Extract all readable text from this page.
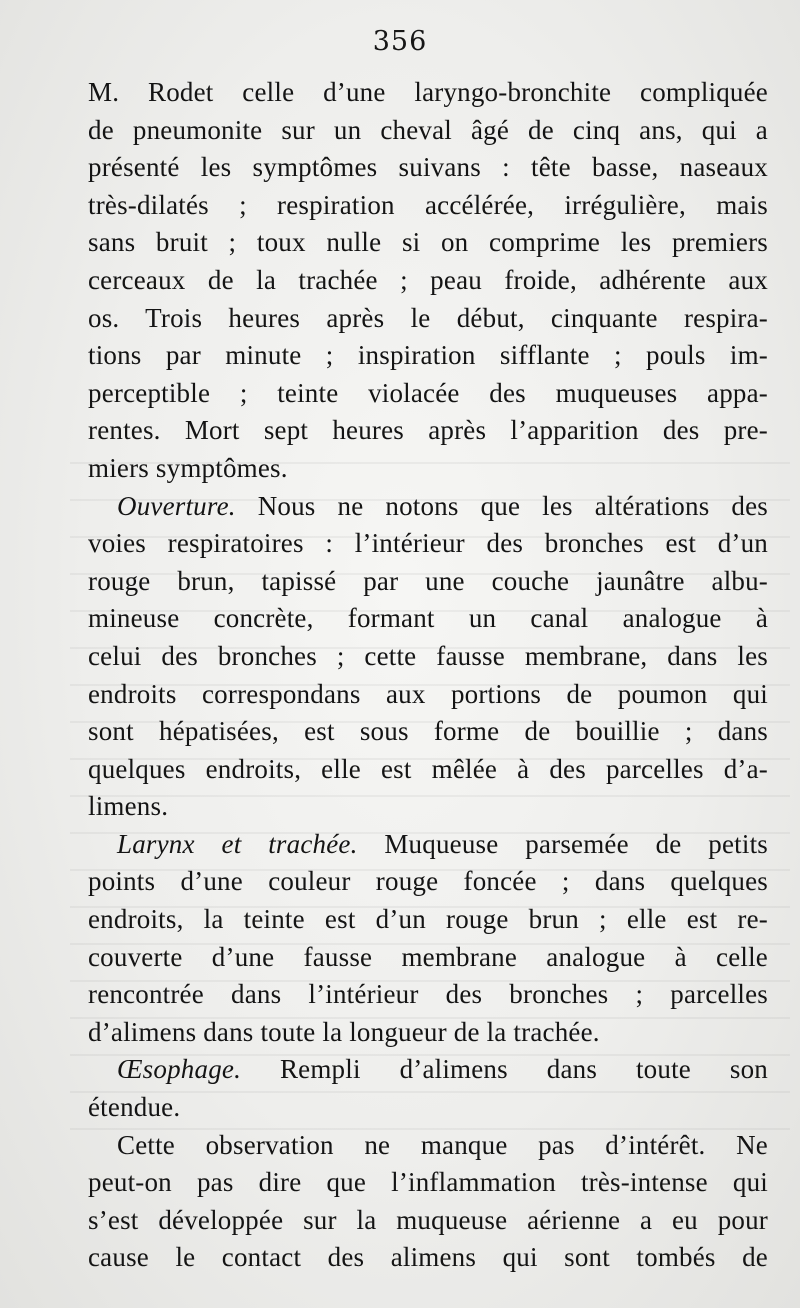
356
M. Rodet celle d’une laryngo-bronchite compliquée
de pneumonite sur un cheval âgé de cinq ans, qui a
présenté les symptômes suivans : tête basse, naseaux
très-dilatés ; respiration accélérée, irrégulière, mais
sans bruit ; toux nulle si on comprime les premiers
cerceaux de la trachée ; peau froide, adhérente aux
os. Trois heures après le début, cinquante respira-
tions par minute ; inspiration sifflante ; pouls im-
perceptible ; teinte violacée des muqueuses appa-
rentes. Mort sept heures après l’apparition des pre-
miers symptômes.
Ouverture. Nous ne notons que les altérations des
voies respiratoires : l’intérieur des bronches est d’un
rouge brun, tapissé par une couche jaunâtre albu-
mineuse concrète, formant un canal analogue à
celui des bronches ; cette fausse membrane, dans les
endroits correspondans aux portions de poumon qui
sont hépatisées, est sous forme de bouillie ; dans
quelques endroits, elle est mêlée à des parcelles d’a-
limens.
Larynx et trachée. Muqueuse parsemée de petits
points d’une couleur rouge foncée ; dans quelques
endroits, la teinte est d’un rouge brun ; elle est re-
couverte d’une fausse membrane analogue à celle
rencontrée dans l’intérieur des bronches ; parcelles
d’alimens dans toute la longueur de la trachée.
Œsophage. Rempli d’alimens dans toute son
étendue.
Cette observation ne manque pas d’intérêt. Ne
peut-on pas dire que l’inflammation très-intense qui
s’est développée sur la muqueuse aérienne a eu pour
cause le contact des alimens qui sont tombés de
